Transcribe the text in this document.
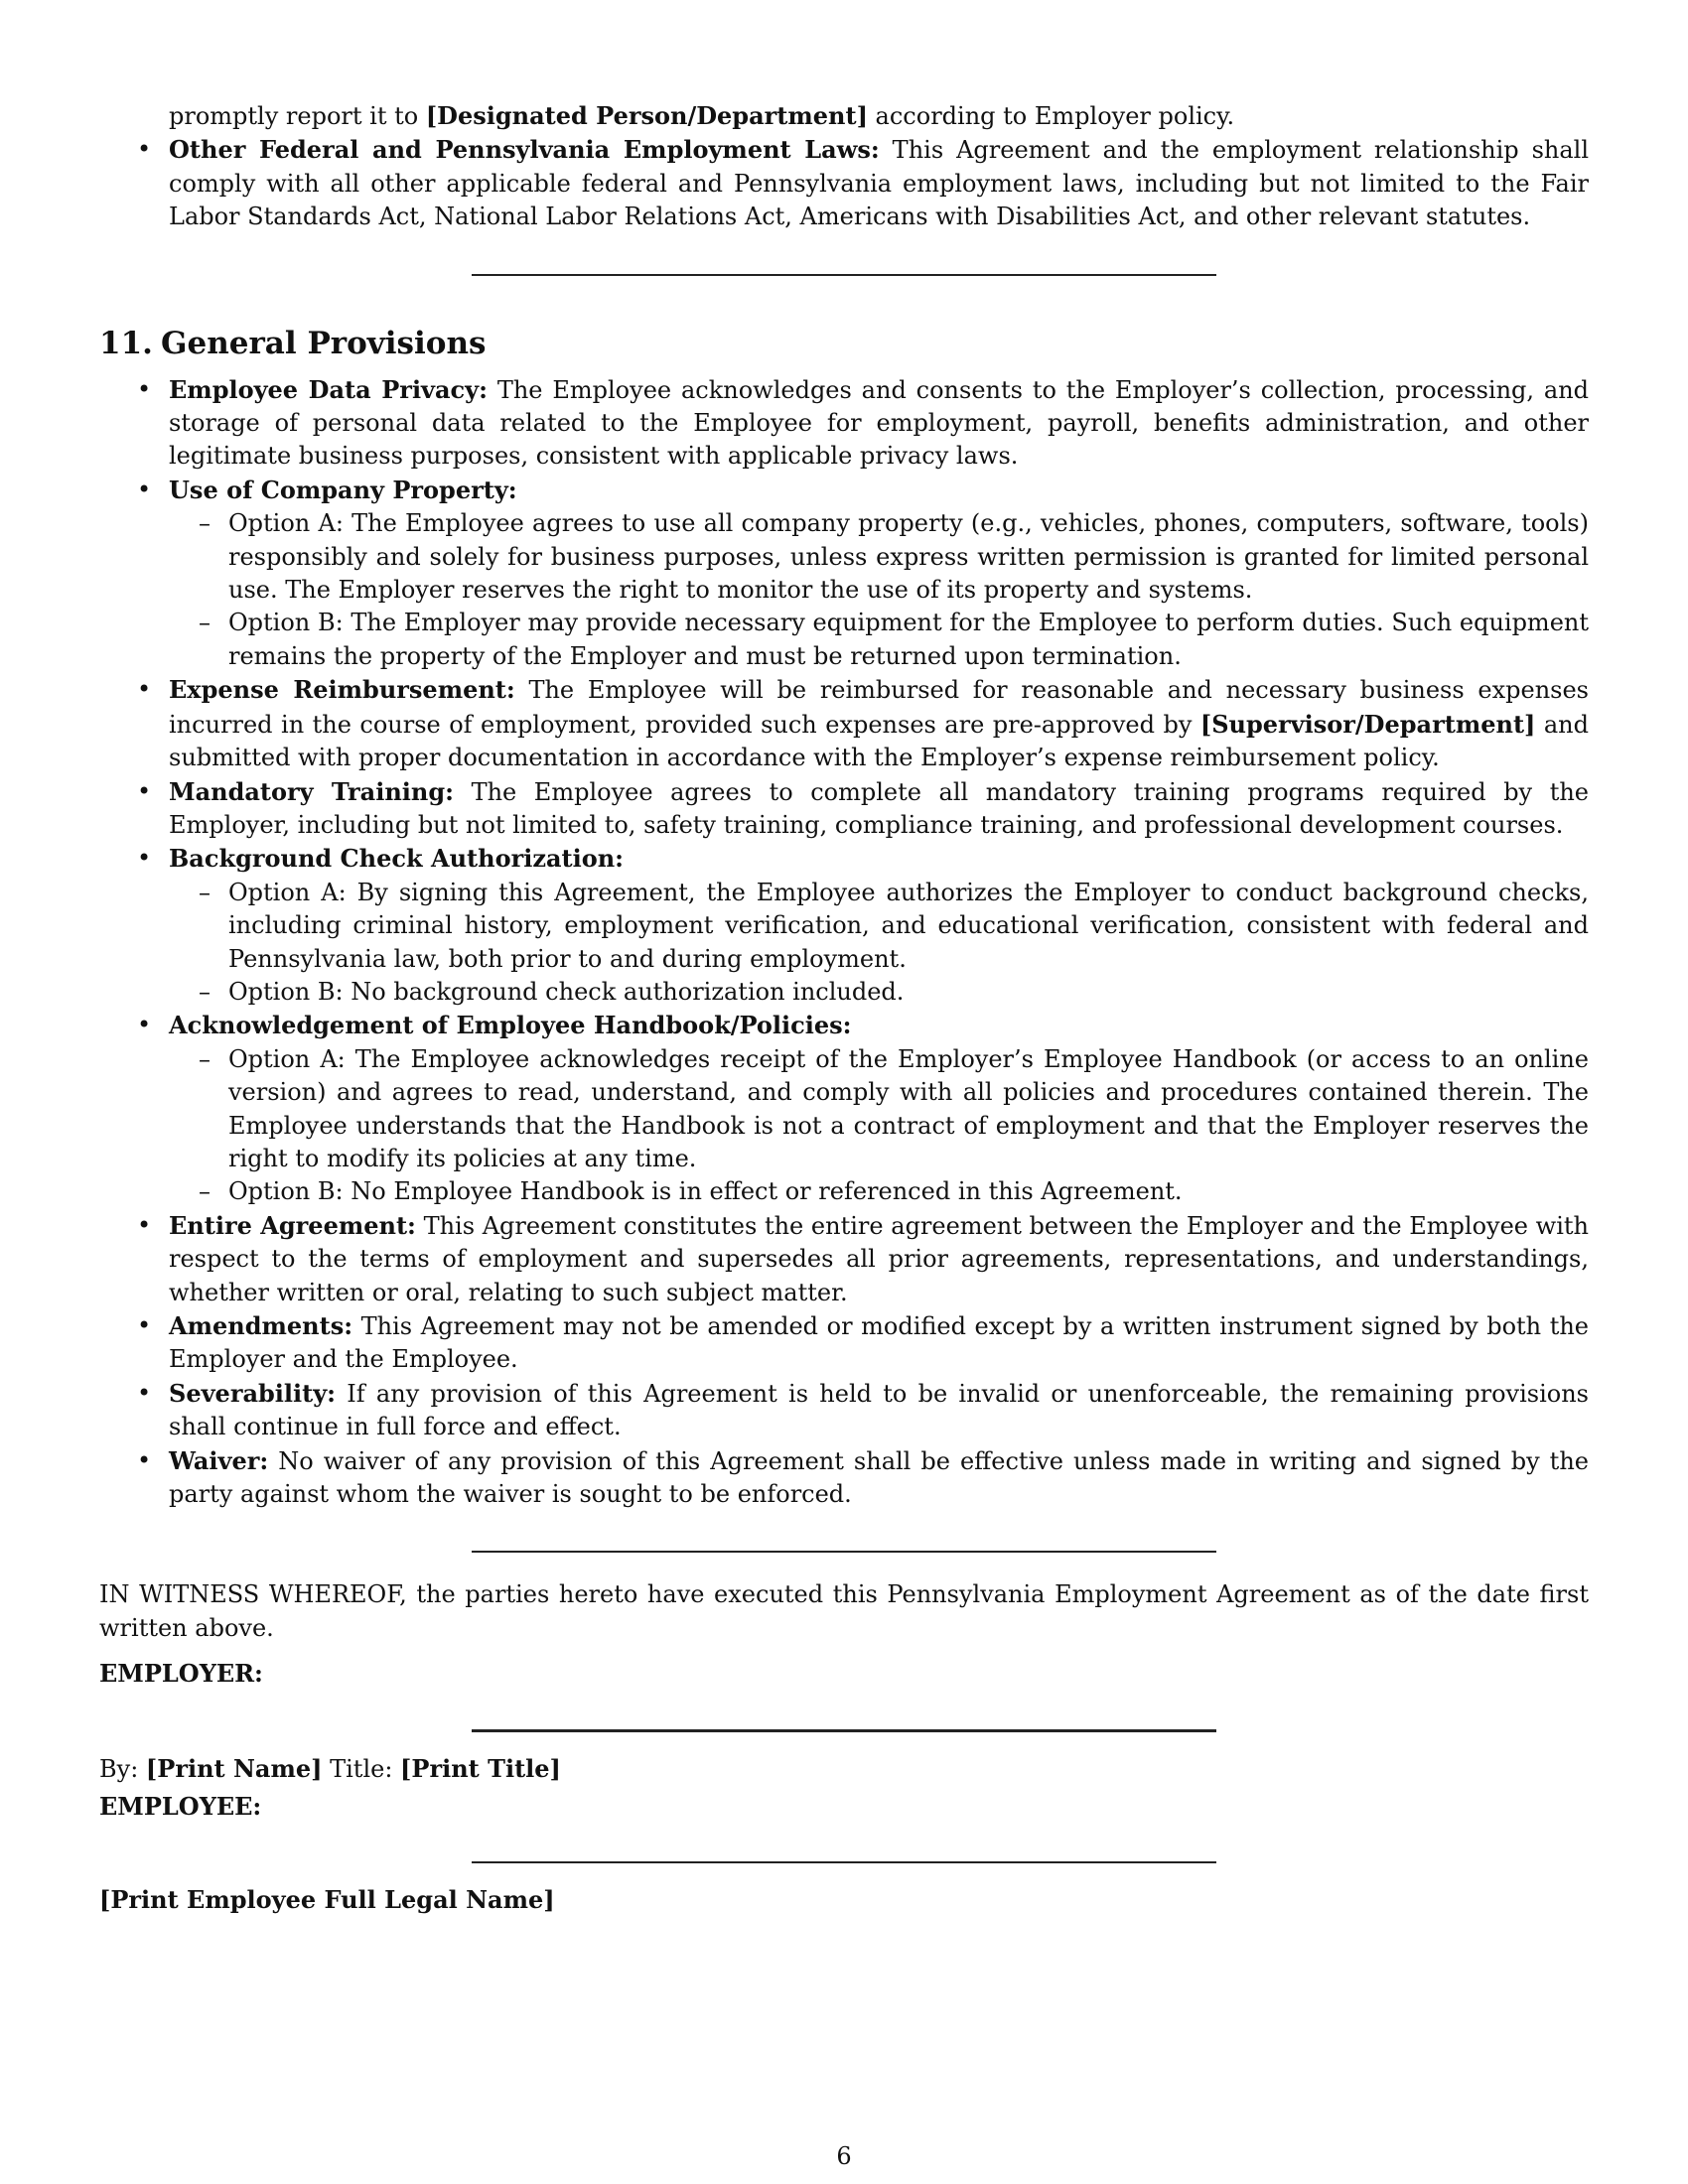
promptly report it to [Designated Person/Department] according to Employer policy.
• Other Federal and Pennsylvania Employment Laws: This Agreement and the employment relationship shall comply with all other applicable federal and Pennsylvania employment laws, including but not limited to the Fair Labor Standards Act, National Labor Relations Act, Americans with Disabilities Act, and other relevant statutes.
11. General Provisions
• Employee Data Privacy: The Employee acknowledges and consents to the Employer’s collection, processing, and storage of personal data related to the Employee for employment, payroll, benefits administration, and other legitimate business purposes, consistent with applicable privacy laws.
• Use of Company Property:
– Option A: The Employee agrees to use all company property (e.g., vehicles, phones, computers, software, tools) responsibly and solely for business purposes, unless express written permission is granted for limited personal use. The Employer reserves the right to monitor the use of its property and systems.
– Option B: The Employer may provide necessary equipment for the Employee to perform duties. Such equipment remains the property of the Employer and must be returned upon termination.
• Expense Reimbursement: The Employee will be reimbursed for reasonable and necessary business expenses incurred in the course of employment, provided such expenses are pre-approved by [Supervisor/Department] and submitted with proper documentation in accordance with the Employer’s expense reimbursement policy.
• Mandatory Training: The Employee agrees to complete all mandatory training programs required by the Employer, including but not limited to, safety training, compliance training, and professional development courses.
• Background Check Authorization:
– Option A: By signing this Agreement, the Employee authorizes the Employer to conduct background checks, including criminal history, employment verification, and educational verification, consistent with federal and Pennsylvania law, both prior to and during employment.
– Option B: No background check authorization included.
• Acknowledgement of Employee Handbook/Policies:
– Option A: The Employee acknowledges receipt of the Employer’s Employee Handbook (or access to an online version) and agrees to read, understand, and comply with all policies and procedures contained therein. The Employee understands that the Handbook is not a contract of employment and that the Employer reserves the right to modify its policies at any time.
– Option B: No Employee Handbook is in effect or referenced in this Agreement.
• Entire Agreement: This Agreement constitutes the entire agreement between the Employer and the Employee with respect to the terms of employment and supersedes all prior agreements, representations, and understandings, whether written or oral, relating to such subject matter.
• Amendments: This Agreement may not be amended or modified except by a written instrument signed by both the Employer and the Employee.
• Severability: If any provision of this Agreement is held to be invalid or unenforceable, the remaining provisions shall continue in full force and effect.
• Waiver: No waiver of any provision of this Agreement shall be effective unless made in writing and signed by the party against whom the waiver is sought to be enforced.

IN WITNESS WHEREOF, the parties hereto have executed this Pennsylvania Employment Agreement as of the date first written above.

EMPLOYER:
By: [Print Name] Title: [Print Title]
EMPLOYEE:
[Print Employee Full Legal Name]
6
